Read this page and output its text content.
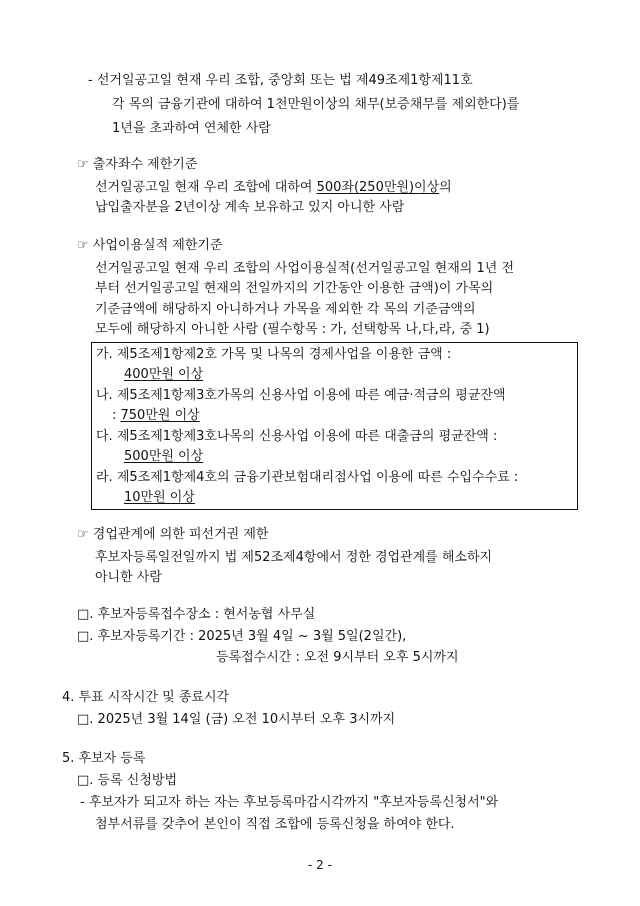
- 선거일공고일 현재 우리 조합, 중앙회 또는 법 제49조제1항제11호
각 목의 금융기관에 대하여 1천만원이상의 채무(보증채무를 제외한다)를
1년을 초과하여 연체한 사람
☞ 출자좌수 제한기준
선거일공고일 현재 우리 조합에 대하여 500좌(250만원)이상의
납입출자분을 2년이상 계속 보유하고 있지 아니한 사람
☞ 사업이용실적 제한기준
선거일공고일 현재 우리 조합의 사업이용실적(선거일공고일 현재의 1년 전
부터 선거일공고일 현재의 전일까지의 기간동안 이용한 금액)이 가목의
기준금액에 해당하지 아니하거나 가목을 제외한 각 목의 기준금액의
모두에 해당하지 아니한 사람 (필수항목 : 가, 선택항목 나,다,라, 중 1)
가. 제5조제1항제2호 가목 및 나목의 경제사업을 이용한 금액 :
400만원 이상
나. 제5조제1항제3호가목의 신용사업 이용에 따른 예금·적금의 평균잔액
: 750만원 이상
다. 제5조제1항제3호나목의 신용사업 이용에 따른 대출금의 평균잔액 :
500만원 이상
라. 제5조제1항제4호의 금융기관보험대리점사업 이용에 따른 수입수수료 :
10만원 이상
☞ 경업관계에 의한 피선거권 제한
후보자등록일전일까지 법 제52조제4항에서 정한 경업관계를 해소하지
아니한 사람
□. 후보자등록접수장소 : 현서농협 사무실
□. 후보자등록기간 : 2025년 3월 4일 ~ 3월 5일(2일간),
등록접수시간 : 오전 9시부터 오후 5시까지
4. 투표 시작시간 및 종료시각
□. 2025년 3월 14일 (금) 오전 10시부터 오후 3시까지
5. 후보자 등록
□. 등록 신청방법
- 후보자가 되고자 하는 자는 후보등록마감시각까지 "후보자등록신청서"와
첨부서류를 갖추어 본인이 직접 조합에 등록신청을 하여야 한다.
- 2 -
